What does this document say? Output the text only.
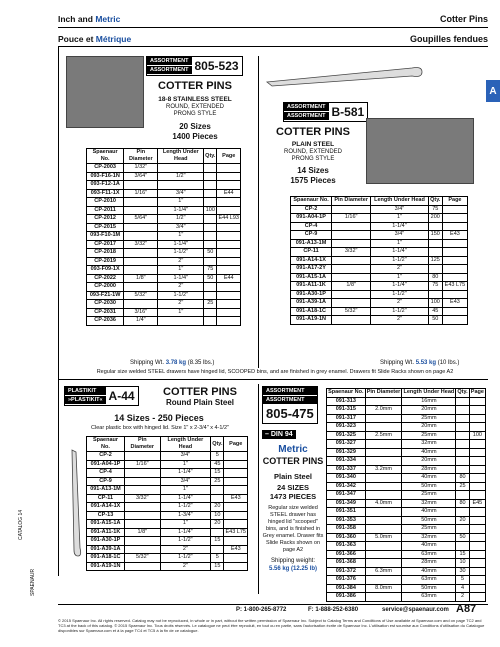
Inch and Metric
Pouce et Métrique
Cotter Pins
Goupilles fendues
A
ASSORTMENT
ASSORTMENT 805-523
COTTER PINS
18-8 STAINLESS STEEL
ROUND, EXTENDED
PRONG STYLE
20 Sizes
1400 Pieces
Spaenaur No.	Pin Diameter	Length Under Head	Qty.	Page
CP-2003	1/32"			
093-F16-1N	3/64"	1/2"		
093-F12-1A				
093-F11-1X	1/16"	3/4"		E44
CP-2010		1"		
CP-2011		1-1/4"	100	
CP-2012	5/64"	1/2"		E44 L93
CP-2015		3/4"		
093-F10-1M		1"		
CP-2017	3/32"	1-1/4"		
CP-2018		1-1/2"	50	
CP-2019		2"		
093-F09-1X		1"	75	
CP-2022	1/8"	1-1/4"	50	E44
CP-2000		2"		
093-F21-1W	5/32"	1-1/2"		
CP-2030		2"	25	
CP-2031	3/16"	1"		
CP-2036	1/4"			
Shipping Wt. 3.78 kg (8.35 lbs.)
ASSORTMENT
ASSORTMENT B-581
COTTER PINS
PLAIN STEEL
ROUND, EXTENDED
PRONG STYLE
14 Sizes
1575 Pieces
Spaenaur No.	Pin Diameter	Length Under Head	Qty.	Page
CP-2		3/4"	75	
091-A04-1P	1/16"	1"	200	
CP-4		1-1/4"		
CP-9		3/4"	150	E43
091-A13-1M		1"		
CP-11	3/32"	1-1/4"		
091-A14-1X		1-1/2"	125	
091-A17-2Y		2"		
091-A15-1A		1"	80	
091-A11-1K	1/8"	1-1/4"	75	E43 L75
091-A30-1P		1-1/2"		
091-A39-1A		2"	100	E43
091-A18-1C	5/32"	1-1/2"	45	
091-A19-1N		2"	50	
Shipping Wt. 5.53 kg (10 lbs.)
Regular size welded STEEL drawers have hinged lid, SCOOPED bins, and are finished in grey enamel. Drawers fit Slide Racks shown on page A2
PLASTIKIT
»PLASTIKIT« A-44	COTTER PINS
Round Plain Steel
14 Sizes - 250 Pieces
Clear plastic box with hinged lid. Size 1" x 2-3/4" x 4-1/2"
Spaenaur No.	Pin Diameter	Length Under Head	Qty.	Page
CP-2		3/4"	5	
091-A04-1P	1/16"	1"	45	
CP-4		1-1/4"	15	
CP-9		3/4"	25	
091-A13-1M		1"		
CP-11	3/32"	1-1/4"		E43
091-A14-1X		1-1/2"	20	
CP-13		1-3/4"	10	
091-A15-1A		1"	20	
091-A11-1K	1/8"	1-1/4"		E43 L75
091-A30-1P		1-1/2"	15	
091-A39-1A		2"		E43
091-A18-1C	5/32"	1-1/2"	5	
091-A19-1N		2"	15	
ASSORTMENT
ASSORTMENT
805-475
– DIN 94
Metric
COTTER PINS
Plain Steel
24 SIZES
1473 PIECES
Regular size welded STEEL drawer has hinged lid "scooped" bins, and is finished in Grey enamel. Drawer fits Slide Racks shown on page A2
Shipping weight:
5.56 kg (12.25 lb)
Spaenaur No.	Pin Diameter	Length Under Head	Qty.	Page
091-313		16mm		
091-315	2.0mm	20mm		
091-317		25mm		
091-323		20mm		
091-325	2.5mm	25mm		100
091-327		32mm		
091-329		40mm		
091-334		20mm		
091-337	3.2mm	28mm		
091-340		40mm	80	
091-342		50mm	25	
091-347		25mm		
091-349	4.0mm	32mm	80	E45
091-351		40mm		
091-353		50mm	20	
091-358		25mm		
091-360	5.0mm	32mm	50	
091-363		40mm		
091-366		63mm	15	
091-368		28mm	10	
091-372	6.3mm	40mm	30	
091-376		63mm	5	
091-384	8.0mm	50mm	4	
091-386		63mm	2	
CATALOG 14
SPAENAUR
P: 1-800-265-8772	F: 1-888-252-6380	service@spaenaur.com A87
© 2015 Spaenaur Inc. All rights reserved. Catalog may not be reproduced, in whole or in part, without the written permission of Spaenaur Inc. Subject to Catalog Terms and Conditions of Use available at Spaenaur.com and on page TC2 and TC3 at the back of this catalog. © 2015 Spaenaur Inc. Tous droits réservés. Le catalogue ne peut être reproduit, en tout ou en partie, sans l'autorisation écrite de Spaenaur Inc. L'utilisation est soumise aux Conditions d'utilisation du Catalogue disponibles sur Spaenaur.com et à la page TC4 et TC5 à la fin de ce catalogue.
